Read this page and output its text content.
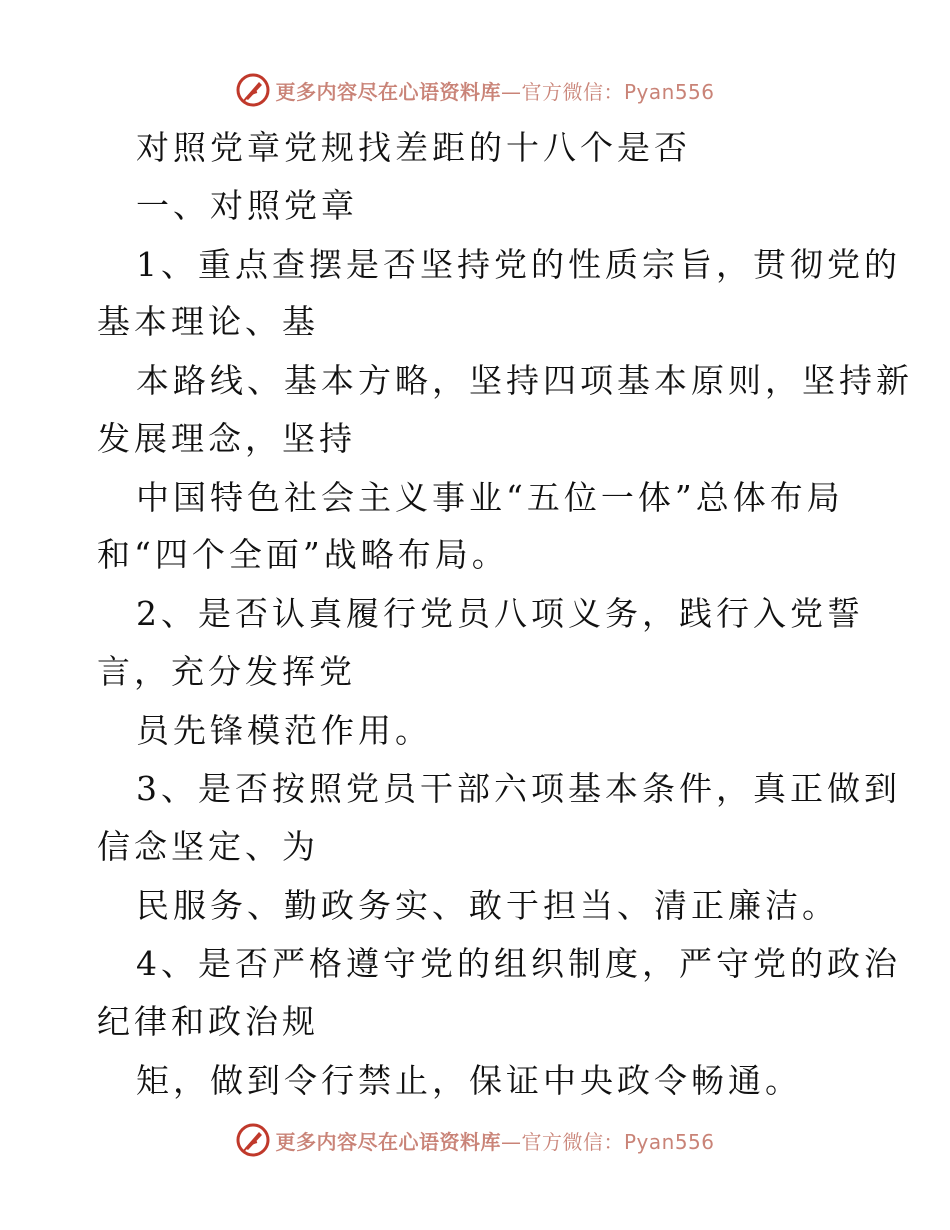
更多内容尽在心语资料库—官方微信：Pyan556
对照党章党规找差距的十八个是否
一、对照党章
1、重点查摆是否坚持党的性质宗旨，贯彻党的
基本理论、基
本路线、基本方略，坚持四项基本原则，坚持新
发展理念，坚持
中国特色社会主义事业“五位一体”总体布局
和“四个全面”战略布局。
2、是否认真履行党员八项义务，践行入党誓
言，充分发挥党
员先锋模范作用。
3、是否按照党员干部六项基本条件，真正做到
信念坚定、为
民服务、勤政务实、敢于担当、清正廉洁。
4、是否严格遵守党的组织制度，严守党的政治
纪律和政治规
矩，做到令行禁止，保证中央政令畅通。
更多内容尽在心语资料库—官方微信：Pyan556
